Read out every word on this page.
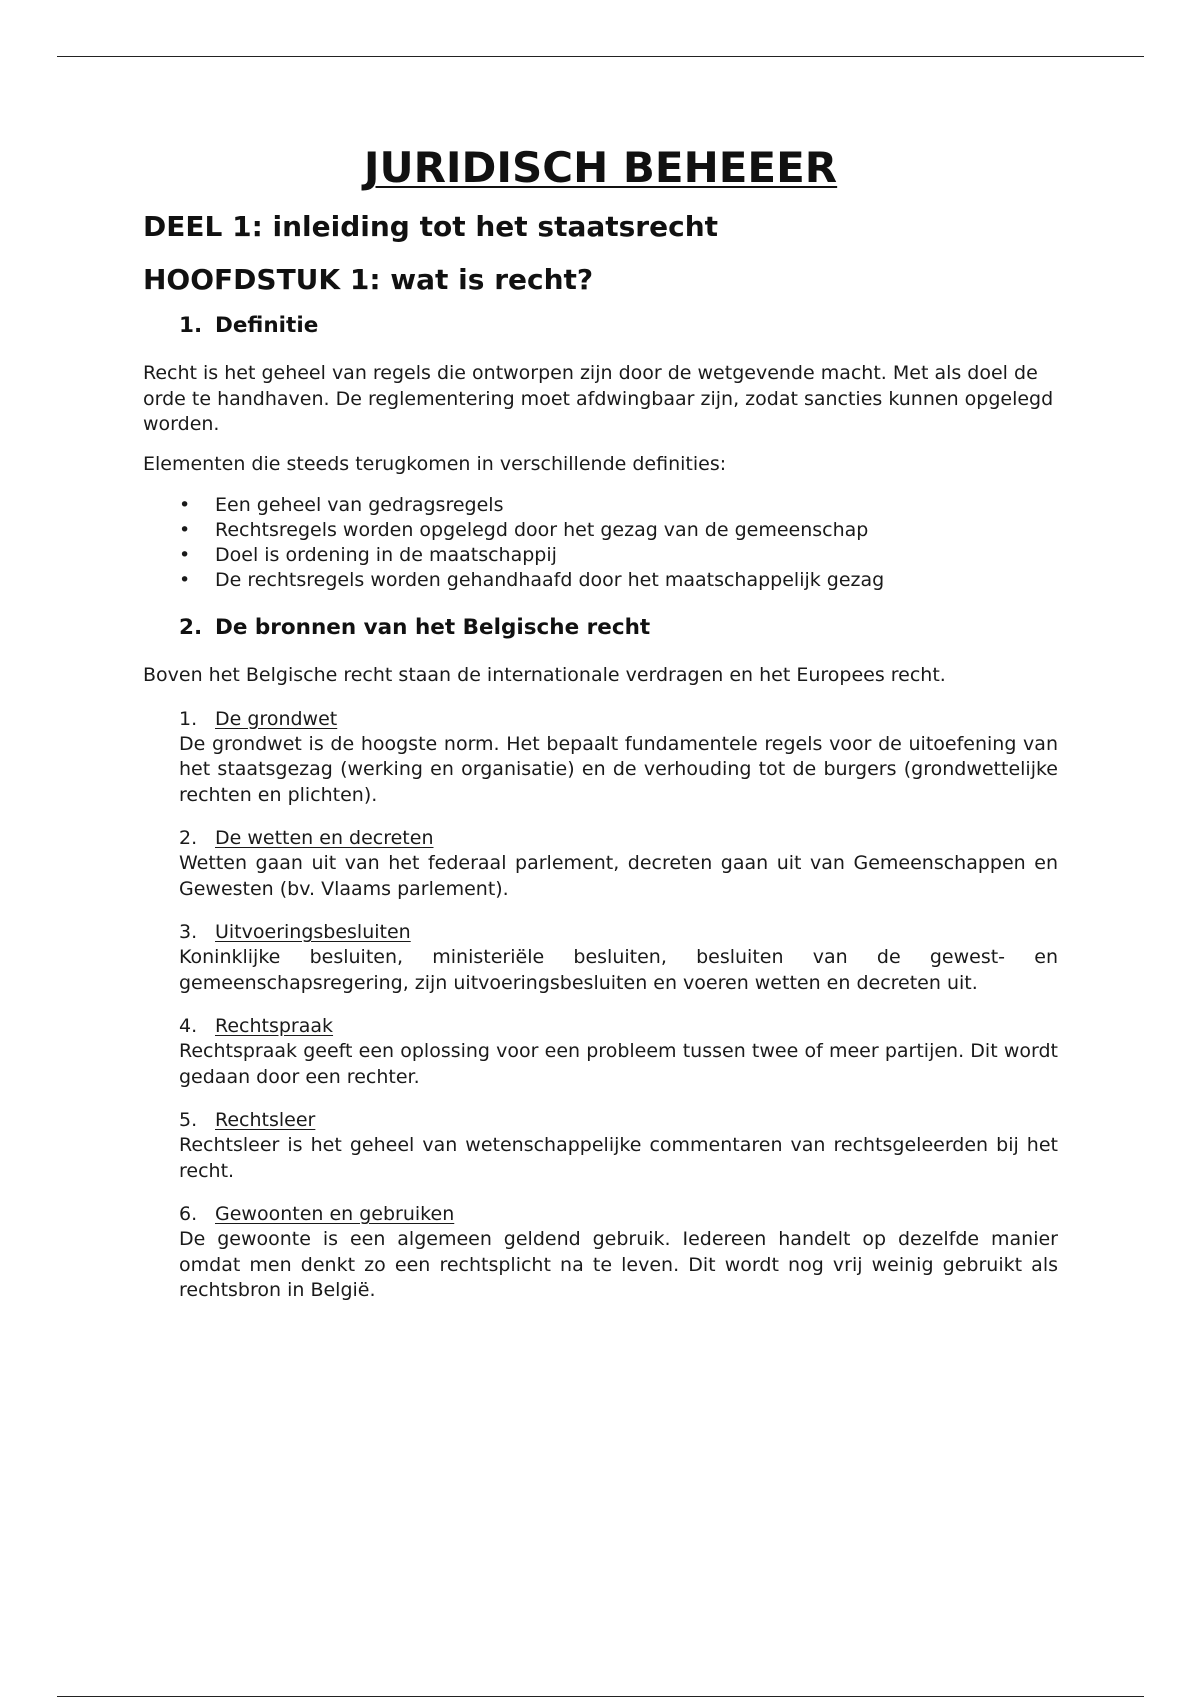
JURIDISCH BEHEEER
DEEL 1: inleiding tot het staatsrecht
HOOFDSTUK 1: wat is recht?
1. Definitie

Recht is het geheel van regels die ontworpen zijn door de wetgevende macht. Met als doel de orde te handhaven. De reglementering moet afdwingbaar zijn, zodat sancties kunnen opgelegd worden.

Elementen die steeds terugkomen in verschillende definities:

• Een geheel van gedragsregels
• Rechtsregels worden opgelegd door het gezag van de gemeenschap
• Doel is ordening in de maatschappij
• De rechtsregels worden gehandhaafd door het maatschappelijk gezag
2. De bronnen van het Belgische recht

Boven het Belgische recht staan de internationale verdragen en het Europees recht.

1. De grondwet
De grondwet is de hoogste norm. Het bepaalt fundamentele regels voor de uitoefening van het staatsgezag (werking en organisatie) en de verhouding tot de burgers (grondwettelijke rechten en plichten).
2. De wetten en decreten
Wetten gaan uit van het federaal parlement, decreten gaan uit van Gemeenschappen en Gewesten (bv. Vlaams parlement).
3. Uitvoeringsbesluiten
Koninklijke besluiten, ministeriële besluiten, besluiten van de gewest- en gemeenschapsregering, zijn uitvoeringsbesluiten en voeren wetten en decreten uit.
4. Rechtspraak
Rechtspraak geeft een oplossing voor een probleem tussen twee of meer partijen. Dit wordt gedaan door een rechter.
5. Rechtsleer
Rechtsleer is het geheel van wetenschappelijke commentaren van rechtsgeleerden bij het recht.
6. Gewoonten en gebruiken
De gewoonte is een algemeen geldend gebruik. Iedereen handelt op dezelfde manier omdat men denkt zo een rechtsplicht na te leven. Dit wordt nog vrij weinig gebruikt als rechtsbron in België.
